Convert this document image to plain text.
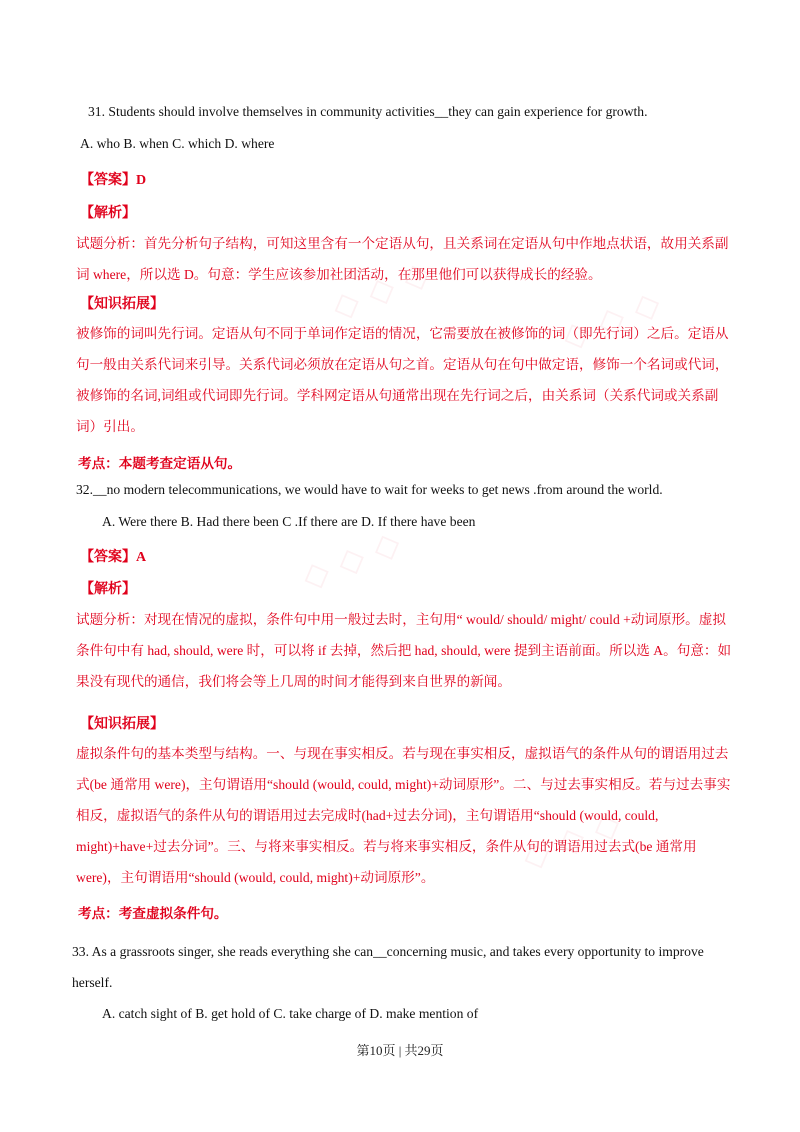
◇ ◇ ◇	◇ ◇ ◇
◇ ◇ ◇
◇ ◇ ◇

31. Students should involve themselves in community activities__they can gain experience for growth.

A. who B. when C. which D. where

【答案】D

【解析】

试题分析：首先分析句子结构，可知这里含有一个定语从句，且关系词在定语从句中作地点状语，故用关系副词 where，所以选 D。句意：学生应该参加社团活动，在那里他们可以获得成长的经验。

【知识拓展】

被修饰的词叫先行词。定语从句不同于单词作定语的情况，它需要放在被修饰的词（即先行词）之后。定语从句一般由关系代词来引导。关系代词必须放在定语从句之首。定语从句在句中做定语，修饰一个名词或代词，被修饰的名词,词组或代词即先行词。学科网定语从句通常出现在先行词之后，由关系词（关系代词或关系副词）引出。

考点：本题考查定语从句。

32.__no modern telecommunications, we would have to wait for weeks to get news .from around the world.

A. Were there B. Had there been C .If there are D. If there have been

【答案】A

【解析】

试题分析：对现在情况的虚拟，条件句中用一般过去时，主句用“ would/ should/ might/ could +动词原形。虚拟条件句中有 had, should, were 时，可以将 if 去掉，然后把 had, should, were 提到主语前面。所以选 A。句意：如果没有现代的通信，我们将会等上几周的时间才能得到来自世界的新闻。

【知识拓展】

虚拟条件句的基本类型与结构。一、与现在事实相反。若与现在事实相反，虚拟语气的条件从句的谓语用过去式(be 通常用 were)，主句谓语用“should (would, could, might)+动词原形”。二、与过去事实相反。若与过去事实相反，虚拟语气的条件从句的谓语用过去完成时(had+过去分词)，主句谓语用“should (would, could, might)+have+过去分词”。三、与将来事实相反。若与将来事实相反，条件从句的谓语用过去式(be 通常用 were)，主句谓语用“should (would, could, might)+动词原形”。

考点：考查虚拟条件句。

33. As a grassroots singer, she reads everything she can__concerning music, and takes every opportunity to improve herself.

A. catch sight of B. get hold of C. take charge of D. make mention of

第10页 | 共29页
